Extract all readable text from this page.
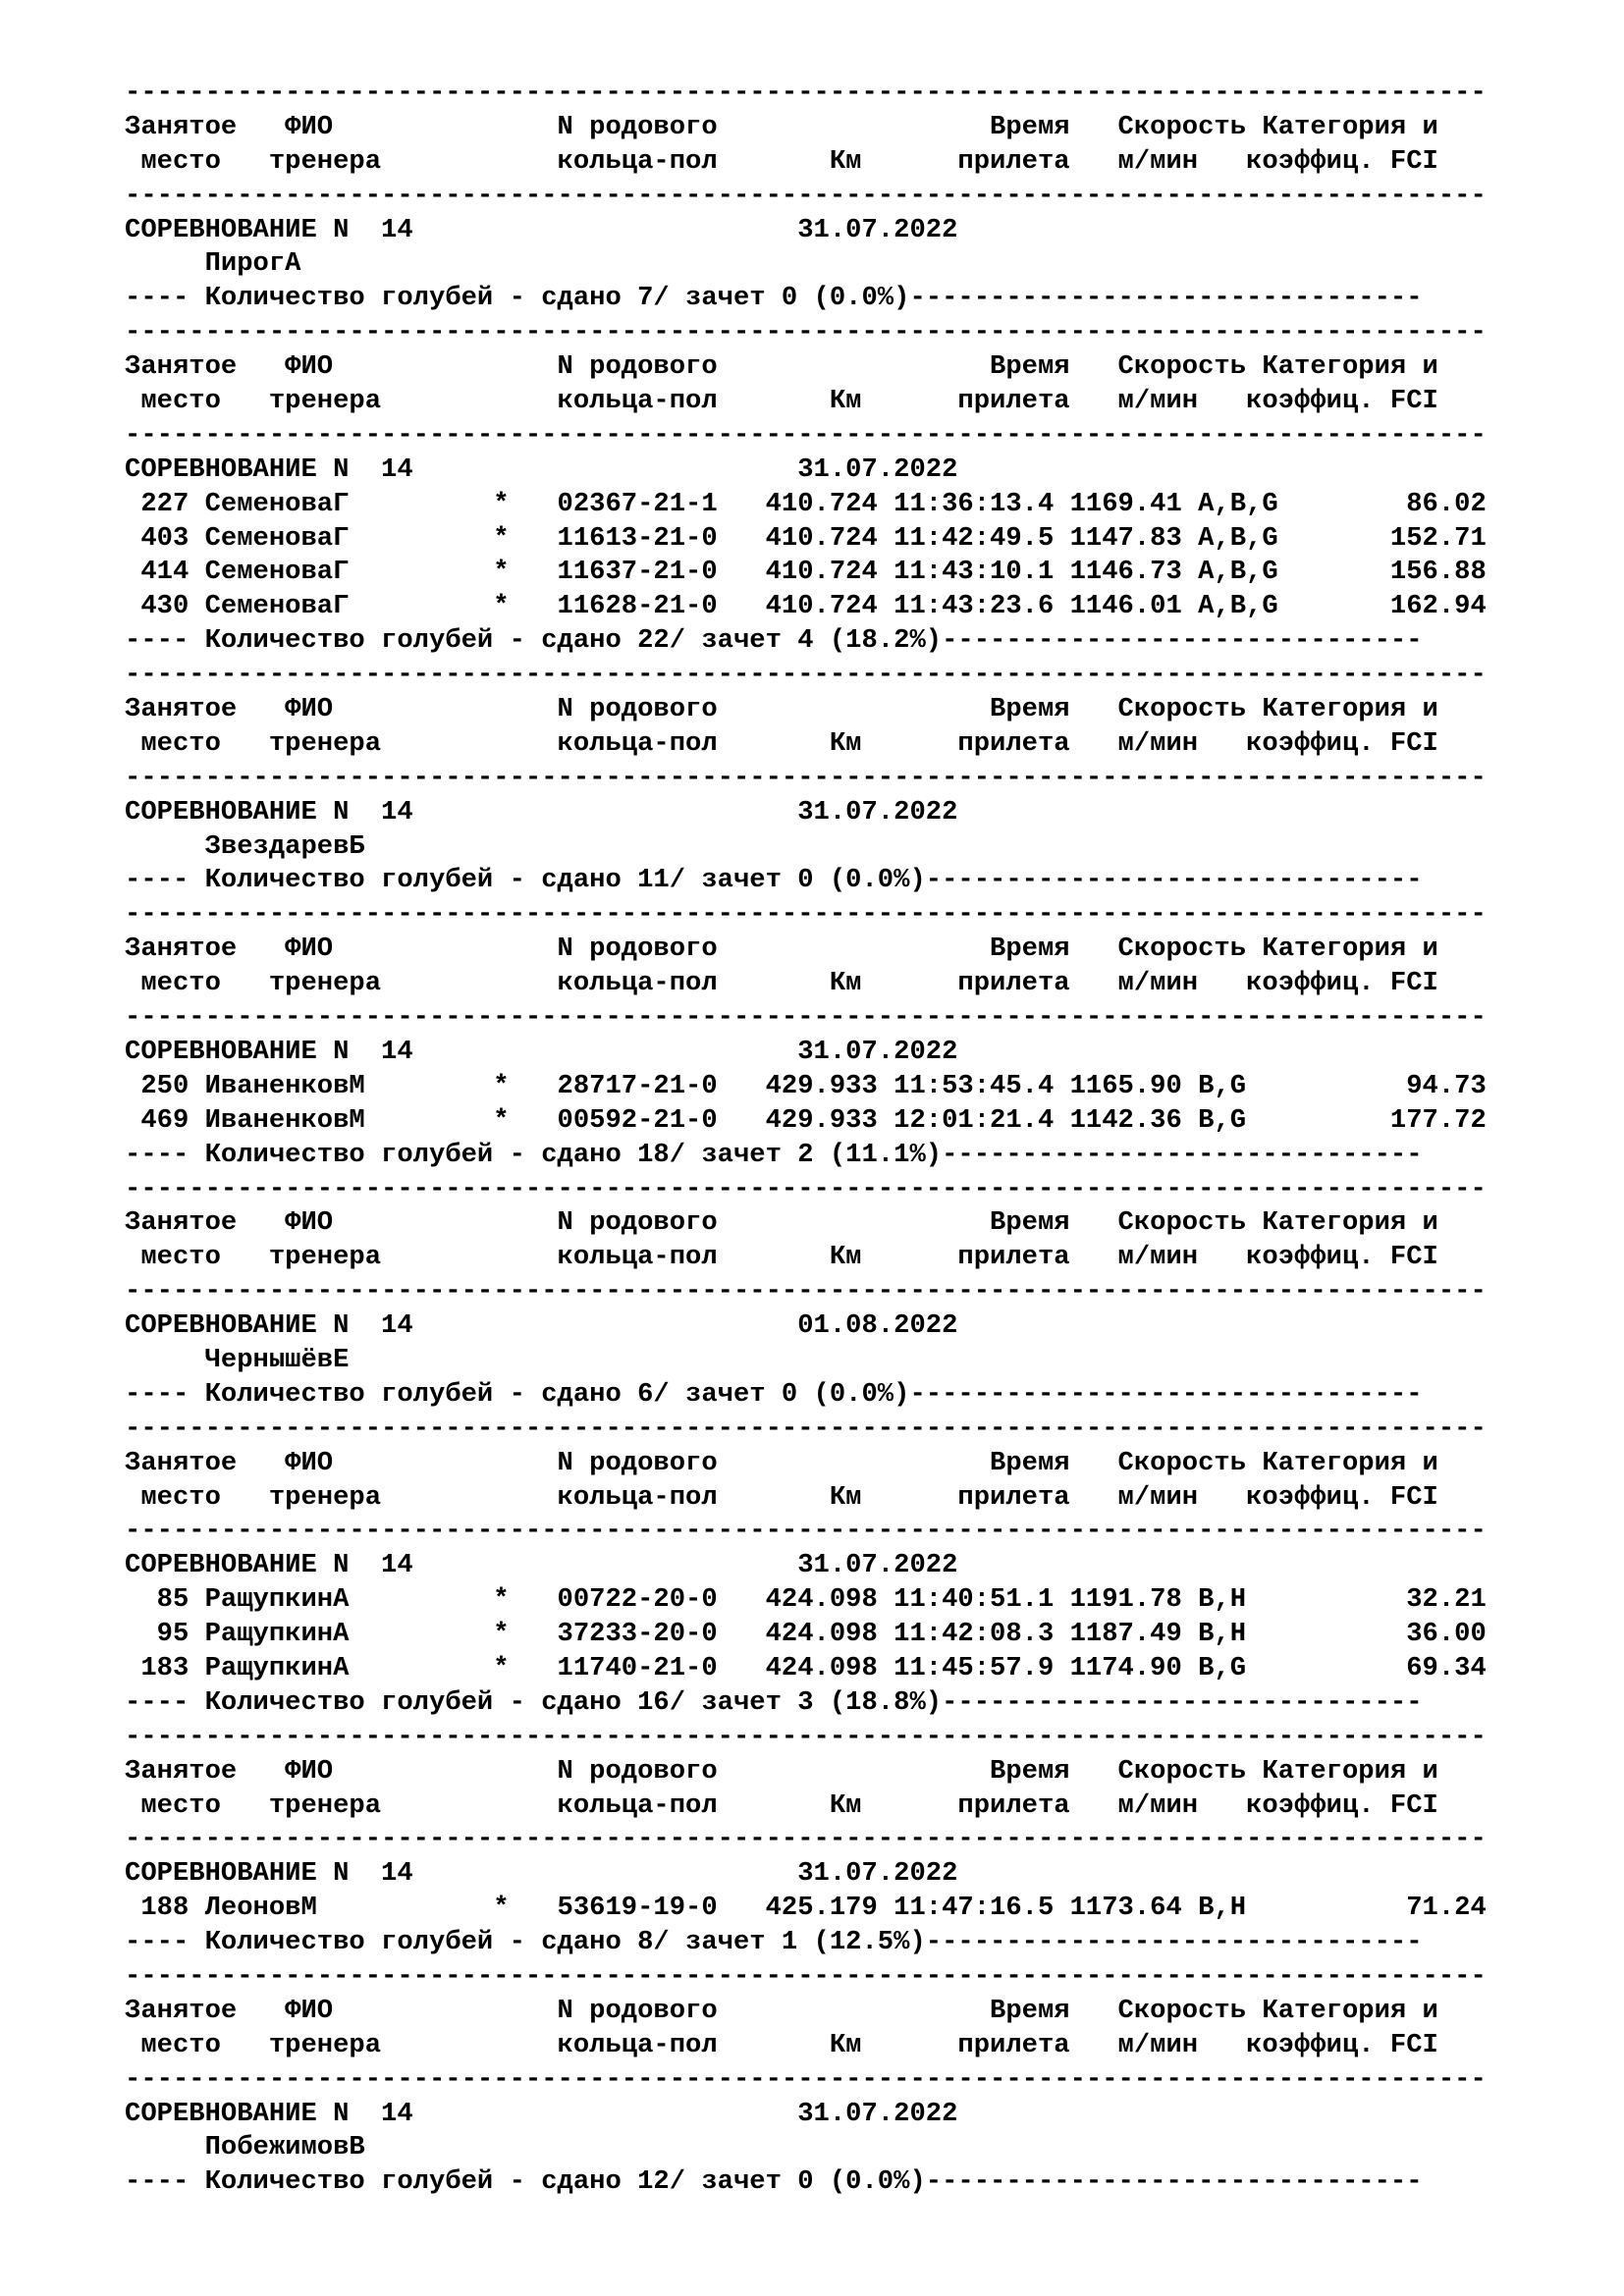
-------------------------------------------------------------------------------------
Занятое   ФИО              N родового                 Время   Скорость Категория и
место   тренера           кольца-пол       Км      прилета   м/мин   коэффиц. FCI
-------------------------------------------------------------------------------------
СОРЕВНОВАНИЕ N  14                        31.07.2022
ПирогА
---- Количество голубей - сдано 7/ зачет 0 (0.0%)--------------------------------
-------------------------------------------------------------------------------------
Занятое   ФИО              N родового                 Время   Скорость Категория и
место   тренера           кольца-пол       Км      прилета   м/мин   коэффиц. FCI
-------------------------------------------------------------------------------------
СОРЕВНОВАНИЕ N  14                        31.07.2022
227 СеменоваГ         *   02367-21-1   410.724 11:36:13.4 1169.41 A,B,G        86.02
403 СеменоваГ         *   11613-21-0   410.724 11:42:49.5 1147.83 A,B,G       152.71
414 СеменоваГ         *   11637-21-0   410.724 11:43:10.1 1146.73 A,B,G       156.88
430 СеменоваГ         *   11628-21-0   410.724 11:43:23.6 1146.01 A,B,G       162.94
---- Количество голубей - сдано 22/ зачет 4 (18.2%)------------------------------
-------------------------------------------------------------------------------------
Занятое   ФИО              N родового                 Время   Скорость Категория и
место   тренера           кольца-пол       Км      прилета   м/мин   коэффиц. FCI
-------------------------------------------------------------------------------------
СОРЕВНОВАНИЕ N  14                        31.07.2022
ЗвездаревБ
---- Количество голубей - сдано 11/ зачет 0 (0.0%)-------------------------------
-------------------------------------------------------------------------------------
Занятое   ФИО              N родового                 Время   Скорость Категория и
место   тренера           кольца-пол       Км      прилета   м/мин   коэффиц. FCI
-------------------------------------------------------------------------------------
СОРЕВНОВАНИЕ N  14                        31.07.2022
250 ИваненковМ        *   28717-21-0   429.933 11:53:45.4 1165.90 B,G          94.73
469 ИваненковМ        *   00592-21-0   429.933 12:01:21.4 1142.36 B,G         177.72
---- Количество голубей - сдано 18/ зачет 2 (11.1%)------------------------------
-------------------------------------------------------------------------------------
Занятое   ФИО              N родового                 Время   Скорость Категория и
место   тренера           кольца-пол       Км      прилета   м/мин   коэффиц. FCI
-------------------------------------------------------------------------------------
СОРЕВНОВАНИЕ N  14                        01.08.2022
ЧернышёвЕ
---- Количество голубей - сдано 6/ зачет 0 (0.0%)--------------------------------
-------------------------------------------------------------------------------------
Занятое   ФИО              N родового                 Время   Скорость Категория и
место   тренера           кольца-пол       Км      прилета   м/мин   коэффиц. FCI
-------------------------------------------------------------------------------------
СОРЕВНОВАНИЕ N  14                        31.07.2022
85 РащупкинА         *   00722-20-0   424.098 11:40:51.1 1191.78 B,H          32.21
95 РащупкинА         *   37233-20-0   424.098 11:42:08.3 1187.49 B,H          36.00
183 РащупкинА         *   11740-21-0   424.098 11:45:57.9 1174.90 B,G          69.34
---- Количество голубей - сдано 16/ зачет 3 (18.8%)------------------------------
-------------------------------------------------------------------------------------
Занятое   ФИО              N родового                 Время   Скорость Категория и
место   тренера           кольца-пол       Км      прилета   м/мин   коэффиц. FCI
-------------------------------------------------------------------------------------
СОРЕВНОВАНИЕ N  14                        31.07.2022
188 ЛеоновМ           *   53619-19-0   425.179 11:47:16.5 1173.64 B,H          71.24
---- Количество голубей - сдано 8/ зачет 1 (12.5%)-------------------------------
-------------------------------------------------------------------------------------
Занятое   ФИО              N родового                 Время   Скорость Категория и
место   тренера           кольца-пол       Км      прилета   м/мин   коэффиц. FCI
-------------------------------------------------------------------------------------
СОРЕВНОВАНИЕ N  14                        31.07.2022
ПобежимовВ
---- Количество голубей - сдано 12/ зачет 0 (0.0%)-------------------------------
